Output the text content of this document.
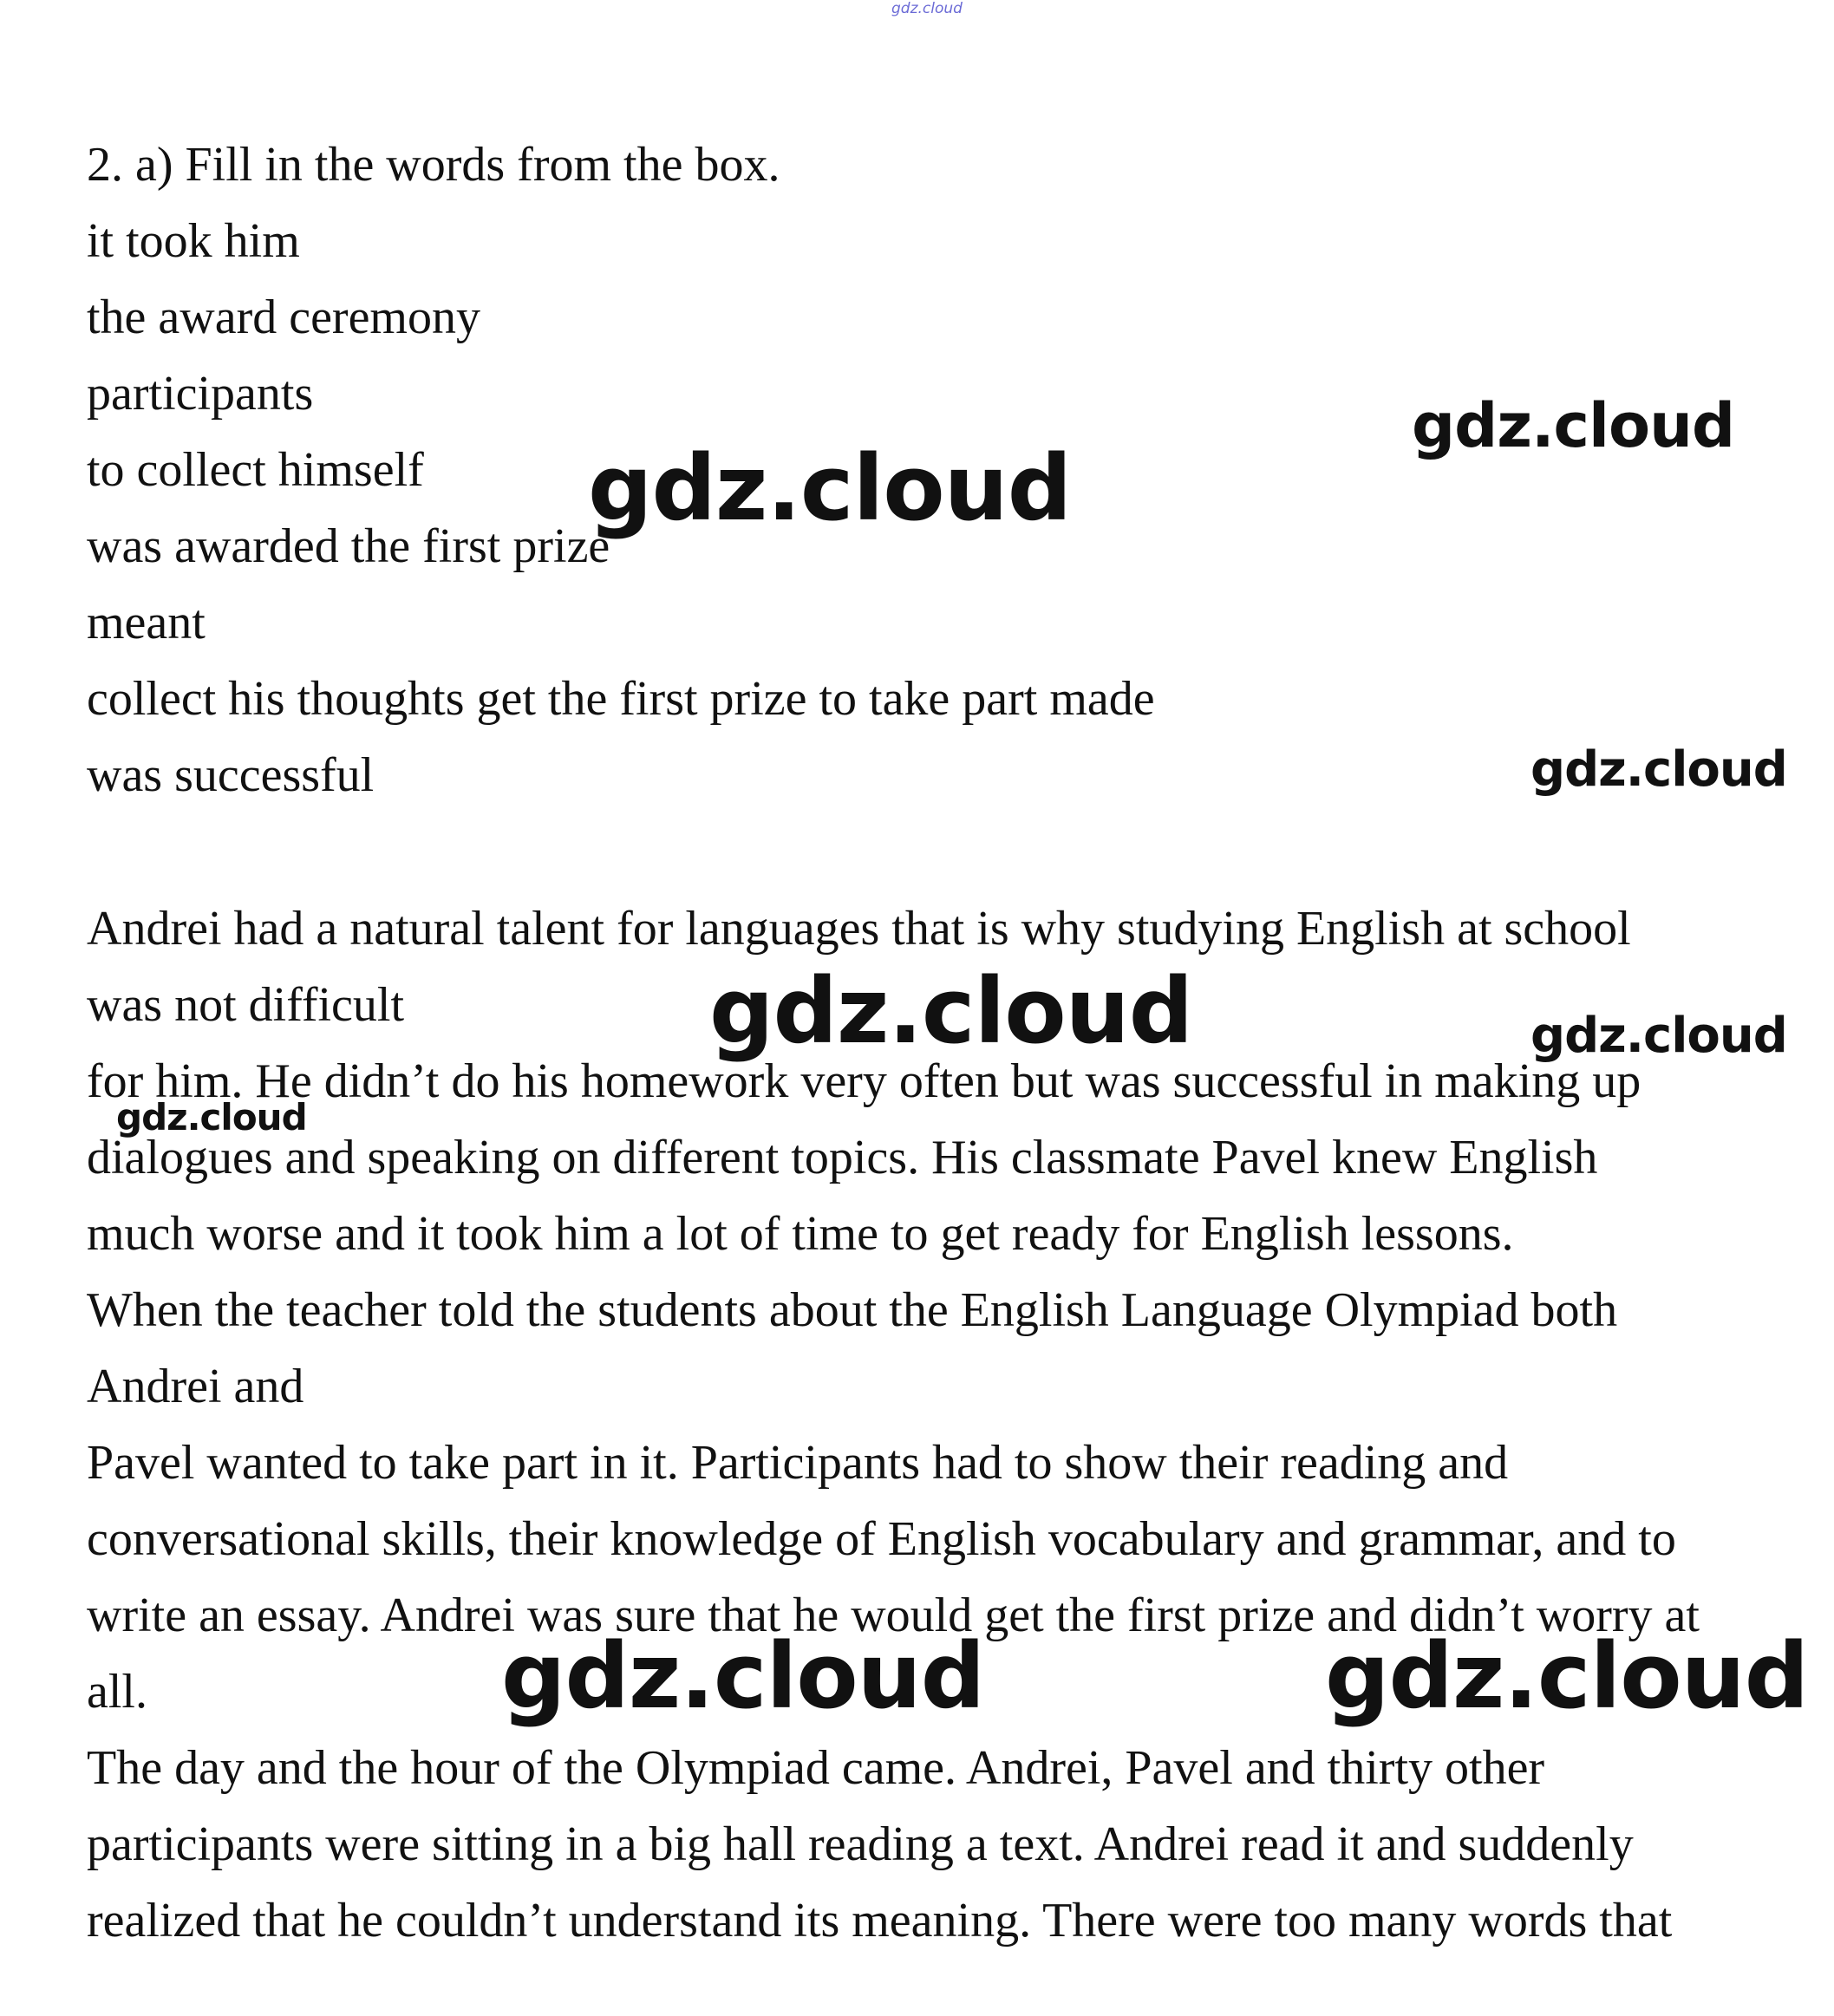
gdz.cloud
2. a) Fill in the words from the box.
it took him
the award ceremony
participants
to collect himself
was awarded the first prize
meant
collect his thoughts get the first prize to take part made
was successful
Andrei had a natural talent for languages that is why studying English at school
was not difficult
for him. He didn’t do his homework very often but was successful in making up
dialogues and speaking on different topics. His classmate Pavel knew English
much worse and it took him a lot of time to get ready for English lessons.
When the teacher told the students about the English Language Olympiad both
Andrei and
Pavel wanted to take part in it. Participants had to show their reading and
conversational skills, their knowledge of English vocabulary and grammar, and to
write an essay. Andrei was sure that he would get the first prize and didn’t worry at
all.
The day and the hour of the Olympiad came. Andrei, Pavel and thirty other
participants were sitting in a big hall reading a text. Andrei read it and suddenly
realized that he couldn’t understand its meaning. There were too many words that
gdz.cloud
gdz.cloud
gdz.cloud
gdz.cloud	gdz.cloud
gdz.cloud
gdz.cloud	gdz.cloud
